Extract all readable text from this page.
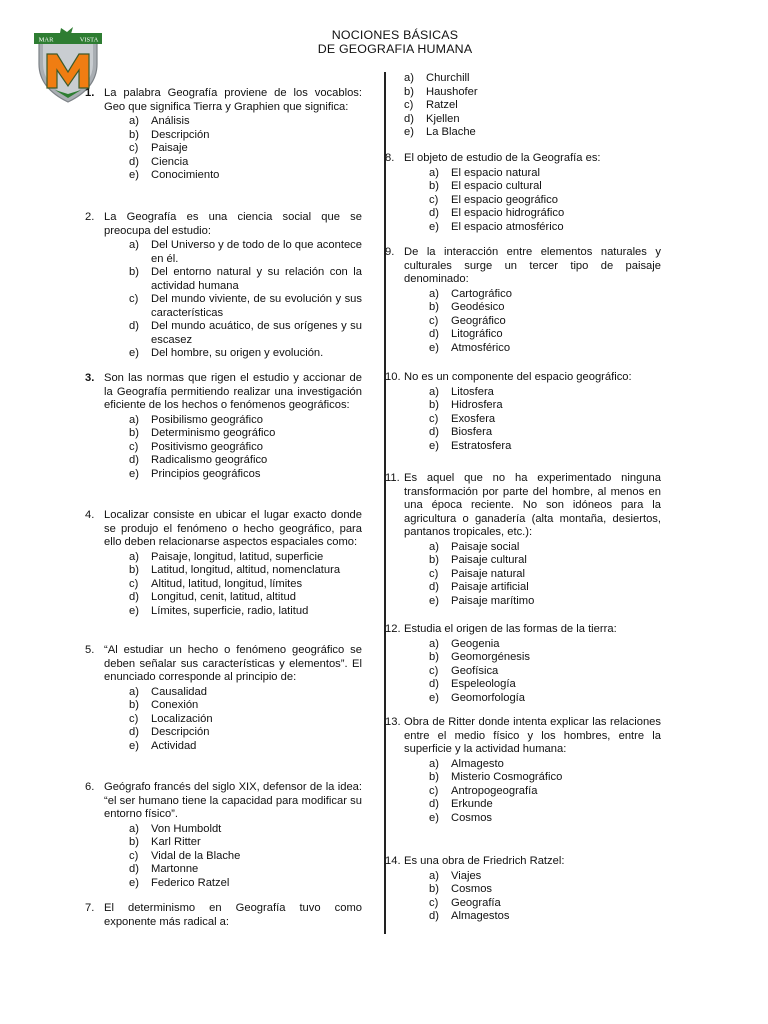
MAR	VISTA	NOCIONES BÁSICAS
DE GEOGRAFIA HUMANA
1. La palabra Geografía proviene de los vocablos: Geo que significa Tierra y Graphien que significa:
a)	Análisis
b)	Descripción
c)	Paisaje
d)	Ciencia
e)	Conocimiento
2. La Geografía es una ciencia social que se preocupa del estudio:
a)	Del Universo y de todo de lo que acontece en él.
b)	Del entorno natural y su relación con la actividad humana
c)	Del mundo viviente, de su evolución y sus características
d)	Del mundo acuático, de sus orígenes y su escasez
e)	Del hombre, su origen y evolución.
3. Son las normas que rigen el estudio y accionar de la Geografía permitiendo realizar una investigación eficiente de los hechos o fenómenos geográficos:
a)	Posibilismo geográfico
b)	Determinismo geográfico
c)	Positivismo geográfico
d)	Radicalismo geográfico
e)	Principios geográficos
4. Localizar consiste en ubicar el lugar exacto donde se produjo el fenómeno o hecho geográfico, para ello deben relacionarse aspectos espaciales como:
a)	Paisaje, longitud, latitud, superficie
b)	Latitud, longitud, altitud, nomenclatura
c)	Altitud, latitud, longitud, límites
d)	Longitud, cenit, latitud, altitud
e)	Límites, superficie, radio, latitud
5. “Al estudiar un hecho o fenómeno geográfico se deben señalar sus características y elementos”. El enunciado corresponde al principio de:
a)	Causalidad
b)	Conexión
c)	Localización
d)	Descripción
e)	Actividad
6. Geógrafo francés del siglo XIX, defensor de la idea: “el ser humano tiene la capacidad para modificar su entorno físico”.
a)	Von Humboldt
b)	Karl Ritter
c)	Vidal de la Blache
d)	Martonne
e)	Federico Ratzel
7. El determinismo en Geografía tuvo como exponente más radical a:
a)	Churchill
b)	Haushofer
c)	Ratzel
d)	Kjellen
e)	La Blache
8. El objeto de estudio de la Geografía es:
a)	El espacio natural
b)	El espacio cultural
c)	El espacio geográfico
d)	El espacio hidrográfico
e)	El espacio atmosférico
9. De la interacción entre elementos naturales y culturales surge un tercer tipo de paisaje denominado:
a)	Cartográfico
b)	Geodésico
c)	Geográfico
d)	Litográfico
e)	Atmosférico
10. No es un componente del espacio geográfico:
a)	Litosfera
b)	Hidrosfera
c)	Exosfera
d)	Biosfera
e)	Estratosfera
11. Es aquel que no ha experimentado ninguna transformación por parte del hombre, al menos en una época reciente. No son idóneos para la agricultura o ganadería (alta montaña, desiertos, pantanos tropicales, etc.):
a)	Paisaje social
b)	Paisaje cultural
c)	Paisaje natural
d)	Paisaje artificial
e)	Paisaje marítimo
12. Estudia el origen de las formas de la tierra:
a)	Geogenia
b)	Geomorgénesis
c)	Geofísica
d)	Espeleología
e)	Geomorfología
13. Obra de Ritter donde intenta explicar las relaciones entre el medio físico y los hombres, entre la superficie y la actividad humana:
a)	Almagesto
b)	Misterio Cosmográfico
c)	Antropogeografía
d)	Erkunde
e)	Cosmos
14. Es una obra de Friedrich Ratzel:
a)	Viajes
b)	Cosmos
c)	Geografía
d)	Almagestos
